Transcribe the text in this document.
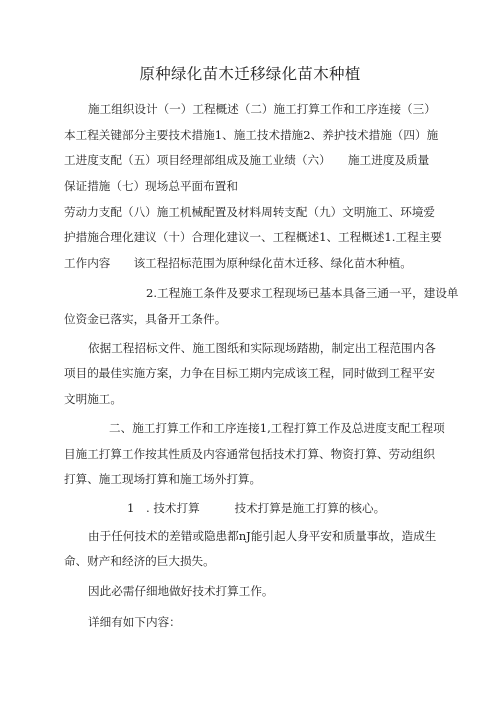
原种绿化苗木迁移绿化苗木种植
施工组织设计（一）工程概述（二）施工打算工作和工序连接（三）
本工程关键部分主要技术措施1、施工技术措施2、养护技术措施（四）施
工进度支配（五）项目经理部组成及施工业绩（六）　　施工进度及质量
保证措施（七）现场总平面布置和
劳动力支配（八）施工机械配置及材料周转支配（九）文明施工、环境爱
护措施合理化建议（十）合理化建议一、工程概述1、工程概述1.工程主要
工作内容　　该工程招标范围为原种绿化苗木迁移、绿化苗木种植。
2.工程施工条件及要求工程现场已基本具备三通一平，建设单
位资金已落实，具备开工条件。
依据工程招标文件、施工图纸和实际现场踏勘，制定出工程范围内各
项目的最佳实施方案，力争在目标工期内完成该工程，同时做到工程平安
文明施工。
二、施工打算工作和工序连接1,工程打算工作及总进度支配工程项
目施工打算工作按其性质及内容通常包括技术打算、物资打算、劳动组织
打算、施工现场打算和施工场外打算。
1　. 技术打算　　　技术打算是施工打算的核心。
由于任何技术的差错或隐患都nJ能引起人身平安和质量事故，造成生
命、财产和经济的巨大损失。
因此必需仔细地做好技术打算工作。
详细有如下内容：
